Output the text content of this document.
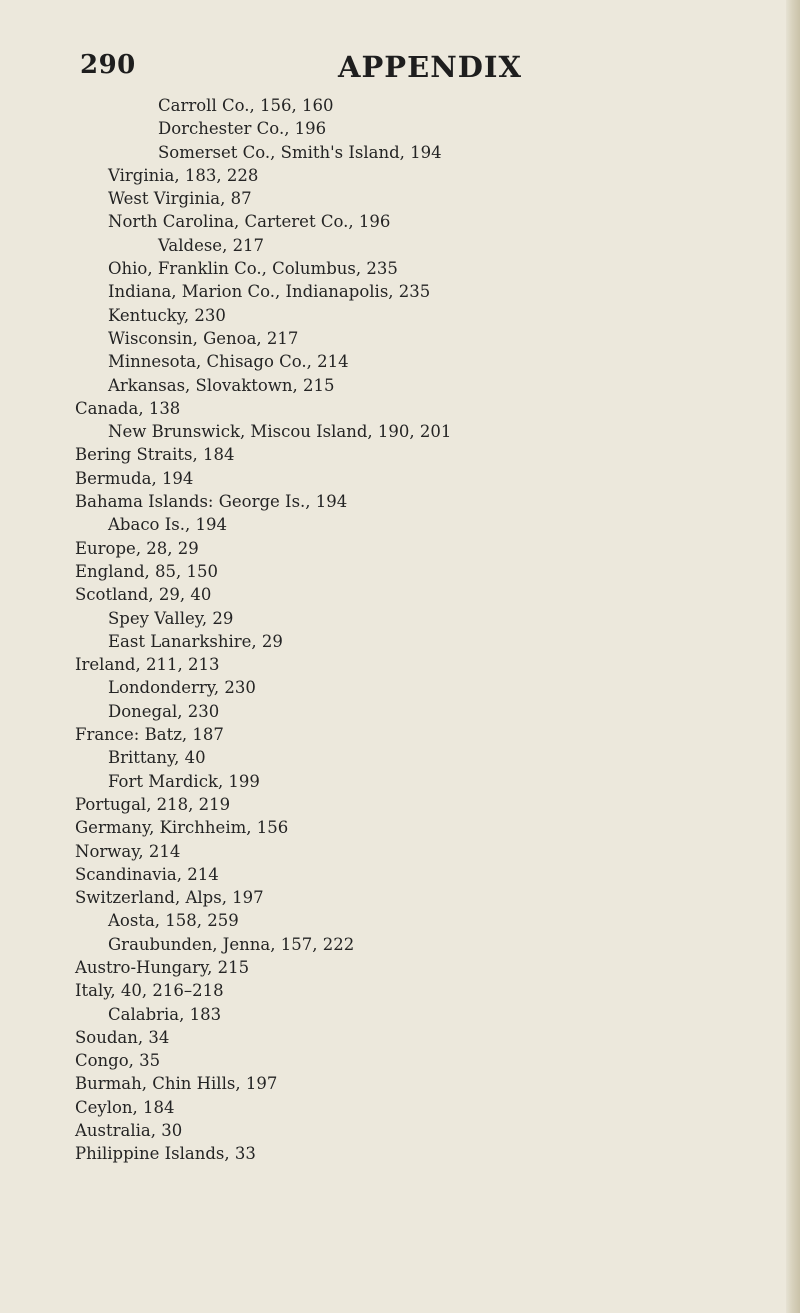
290	APPENDIX
Carroll Co., 156, 160
Dorchester Co., 196
Somerset Co., Smith's Island, 194
Virginia, 183, 228
West Virginia, 87
North Carolina, Carteret Co., 196
Valdese, 217
Ohio, Franklin Co., Columbus, 235
Indiana, Marion Co., Indianapolis, 235
Kentucky, 230
Wisconsin, Genoa, 217
Minnesota, Chisago Co., 214
Arkansas, Slovaktown, 215
Canada, 138
New Brunswick, Miscou Island, 190, 201
Bering Straits, 184
Bermuda, 194
Bahama Islands: George Is., 194
Abaco Is., 194
Europe, 28, 29
England, 85, 150
Scotland, 29, 40
Spey Valley, 29
East Lanarkshire, 29
Ireland, 211, 213
Londonderry, 230
Donegal, 230
France: Batz, 187
Brittany, 40
Fort Mardick, 199
Portugal, 218, 219
Germany, Kirchheim, 156
Norway, 214
Scandinavia, 214
Switzerland, Alps, 197
Aosta, 158, 259
Graubunden, Jenna, 157, 222
Austro-Hungary, 215
Italy, 40, 216–218
Calabria, 183
Soudan, 34
Congo, 35
Burmah, Chin Hills, 197
Ceylon, 184
Australia, 30
Philippine Islands, 33
